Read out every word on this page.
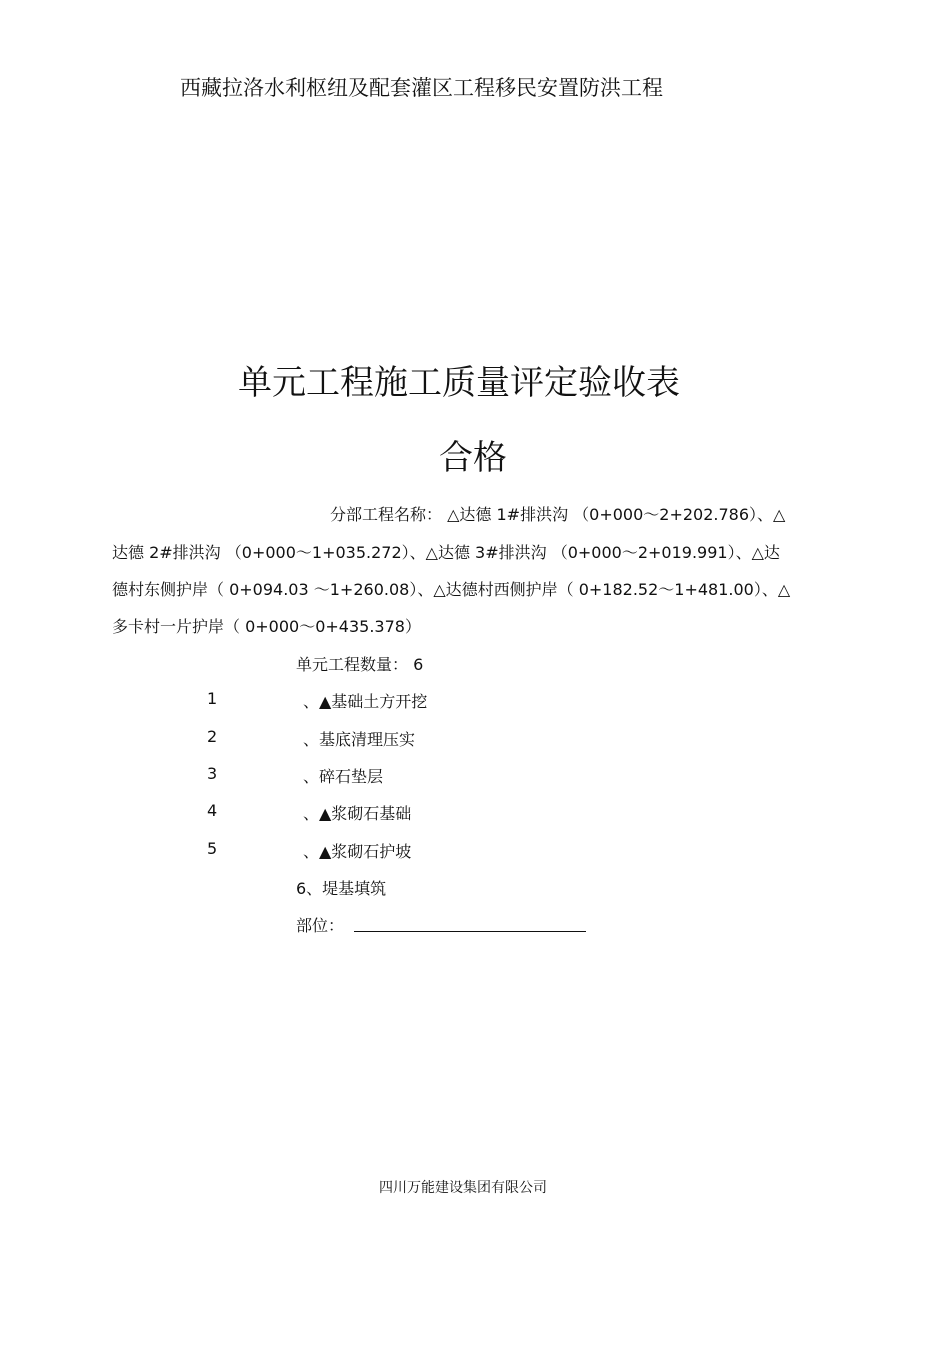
西藏拉洛水利枢纽及配套灌区工程移民安置防洪工程
单元工程施工质量评定验收表
合格
分部工程名称： △达德 1#排洪沟 （0+000～2+202.786）、△
达德 2#排洪沟 （0+000～1+035.272）、△达德 3#排洪沟 （0+000～2+019.991）、△达
德村东侧护岸（ 0+094.03 ～1+260.08）、△达德村西侧护岸（ 0+182.52～1+481.00）、△
多卡村一片护岸（ 0+000～0+435.378）
单元工程数量： 6
1	、▲基础土方开挖
2	、基底清理压实
3	、碎石垫层
4	、▲浆砌石基础
5	、▲浆砌石护坡
6、堤基填筑
部位：
四川万能建设集团有限公司
